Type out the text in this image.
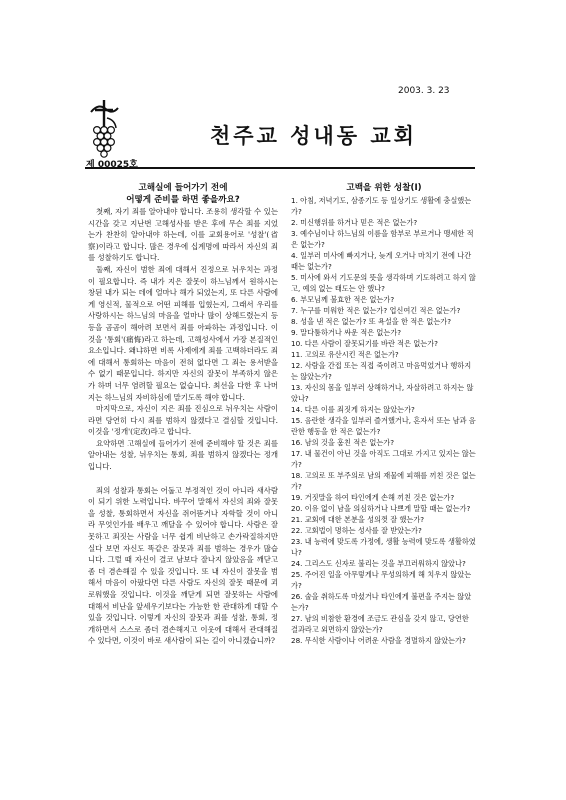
2003. 3. 23
천주교 성내동 교회
제 00025호
고해실에 들어가기 전에
어떻게 준비를 하면 좋을까요?

첫째, 자기 죄를 알아내야 합니다. 조용히 생각할 수 있는 시간을 갖고 지난번 고해성사를 받은 후에 무슨 죄를 지었는가 찬찬히 알아내야 하는데, 이를 교회용어로 '성찰'(省察)이라고 합니다. 많은 경우에 십계명에 따라서 자신의 죄를 성찰하기도 합니다.

둘째, 자신이 범한 죄에 대해서 진정으로 뉘우치는 과정이 필요합니다. 즉 내가 지은 잘못이 하느님께서 원하시는 창된 내가 되는 데에 얼마나 해가 되었는지, 또 다른 사람에게 영신적, 물적으로 어떤 피해를 입혔는지, 그래서 우리를 사랑하시는 하느님의 마음을 얼마나 많이 상해드렸는지 등등을 곰곰이 해아려 보면서 죄를 아파하는 과정입니다. 이것을 '통회'(痛悔)라고 하는데, 고해성사에서 가장 본질적인 요소입니다. 왜냐하면 비록 사제에게 죄를 고백하더라도 죄에 대해서 통회하는 마음이 전혀 없다면 그 죄는 용서받을 수 없기 때문입니다. 하지만 자신의 잘못이 부족하지 않은가 하며 너무 염려할 필요는 없습니다. 최선을 다한 후 나머지는 하느님의 자비하심에 맡기도록 해야 합니다.

마지막으로, 자신이 지은 죄를 진심으로 뉘우치는 사람이라면 당연히 다시 죄를 범하지 않겠다고 결심할 것입니다. 이것을 '정개'(定改)라고 합니다.

요약하면 고해실에 들어가기 전에 준비해야 할 것은 죄를 알아내는 성찰, 뉘우치는 통회, 죄를 범하지 않겠다는 정개입니다.

죄의 성찰과 통회는 어둡고 부정적인 것이 아니라 새사람이 되기 위한 노력입니다. 바꾸어 말해서 자신의 죄와 잘못을 성찰, 통회하면서 자신을 쥐어뜯거나 자학할 것이 아니라 무엇인가를 배우고 깨달을 수 있어야 합니다. 사람은 잘못하고 죄짓는 사람을 너무 쉽게 비난하고 손가락질하지만 실다 보면 자신도 똑같은 잘못과 죄를 범하는 경우가 많습니다. 그럴 때 자신이 결코 남보다 잘나지 않았음을 깨닫고 좀 더 겸손해질 수 있을 것입니다. 또 내 자신이 잘못을 범해서 마음이 아팠다면 다른 사람도 자신의 잘못 때문에 괴로워했을 것입니다. 이것을 깨닫게 되면 잘못하는 사람에 대해서 비난을 앞세우기보다는 가능한 한 관대하게 대할 수 있을 것입니다. 이렇게 자신의 잘못과 죄를 성찰, 통회, 정개하면서 스스로 좀더 겸손해지고 이웃에 대해서 관대해질 수 있다면, 이것이 바로 새사람이 되는 길이 아니겠습니까?

고백을 위한 성찰(Ⅰ)

1. 아침, 저녁기도, 삼종기도 등 일상기도 생활에 충실했는가?

2. 미신행위를 하거나 믿은 적은 없는가?

3. 예수님이나 하느님의 이름을 함부로 부르거나 맹세한 적은 없는가?

4. 일부러 미사에 빠지거나, 늦게 오거나 마치기 전에 나간 때는 없는가?

5. 미사에 와서 기도문의 뜻을 생각하며 기도하려고 하지 않고, 예의 없는 태도는 안 했나?

6. 부모님께 불효한 적은 없는가?

7. 누구를 미워한 적은 없는가? 업신여긴 적은 없는가?

8. 성을 낸 적은 없는가? 또 욕설을 한 적은 없는가?

9. 말다툼하거나 싸운 적은 없는가?

10. 다른 사람이 잘못되기를 바란 적은 없는가?

11. 고의로 유산시킨 적은 없는가?

12. 사람을 간접 또는 직접 죽이려고 마음먹었거나 행하지는 않았는가?

13. 자신의 몸을 일부러 상해하거나, 자살하려고 하지는 않았나?

14. 다른 이를 죄짓게 하지는 않았는가?

15. 음란한 생각을 일부러 즐겨했거나, 혼자서 또는 남과 음란한 행동을 한 적은 없는가?

16. 남의 것을 훔친 적은 없는가?

17. 내 물건이 아닌 것을 아직도 그대로 가지고 있지는 않는가?

18. 고의로 또 부주의로 남의 재물에 피해를 끼친 것은 없는가?

19. 거짓말을 하여 타인에게 손해 끼친 것은 없는가?

20. 이유 없이 남을 의심하거나 나쁘게 말할 때는 없는가?

21. 교회에 대한 본분을 성의껏 잘 했는가?

22. 고회법이 명하는 성사를 잘 받았는가?

23. 내 능력에 맞도록 가정에, 생활 능력에 맞도록 생활하였나?

24. 그리스도 신자로 불리는 것을 부끄러워하지 않았나?

25. 주어진 일을 아무렇게나 무성의하게 해 치우지 않았는가?

26. 술을 취하도록 마셨거나 타인에게 불편을 주지는 않았는가?

27. 남의 비참한 환경에 조금도 관심을 갖지 않고, 당연한 결과라고 외면하지 않았는가?

28. 무식한 사람이나 어려운 사람을 경멸하지 않았는가?
